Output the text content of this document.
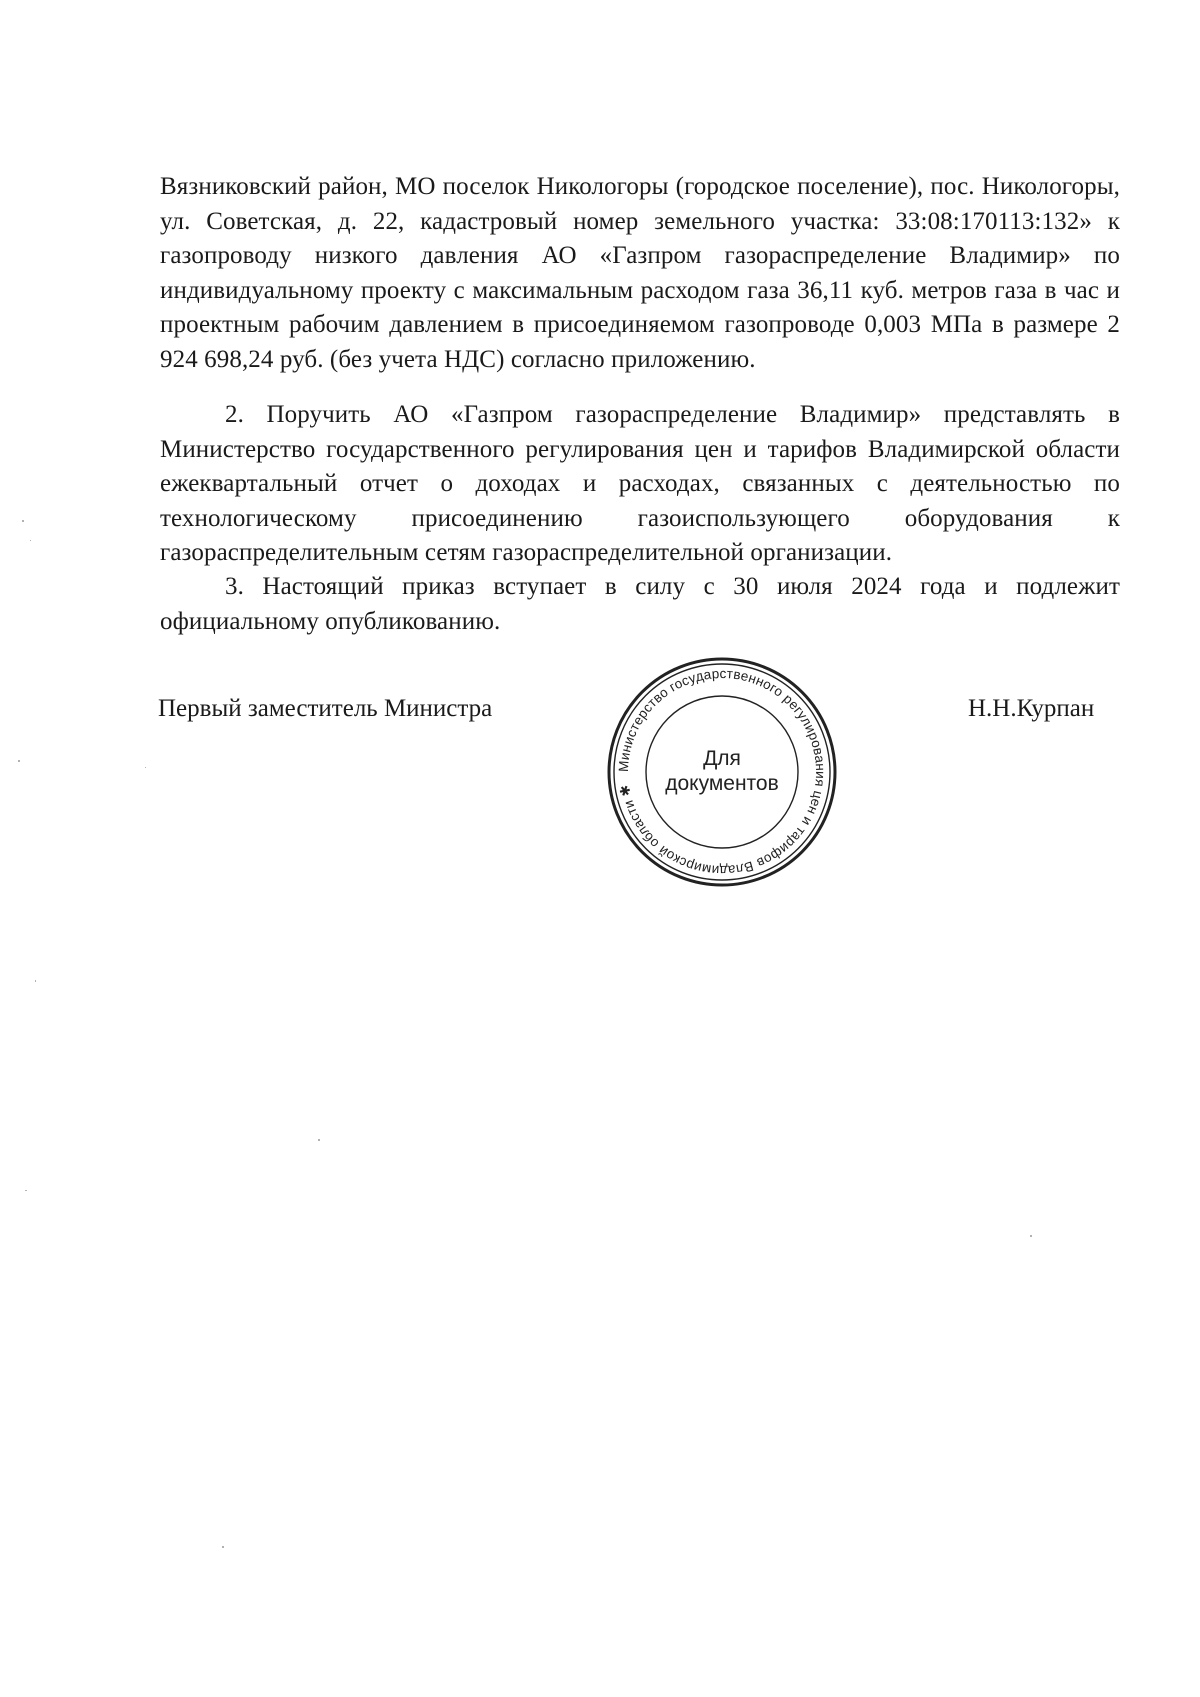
Вязниковский район, МО поселок Никологоры (городское поселение), пос. Никологоры, ул. Советская, д. 22, кадастровый номер земельного участка: 33:08:170113:132» к газопроводу низкого давления АО «Газпром газораспределение Владимир» по индивидуальному проекту с максимальным расходом газа 36,11 куб. метров газа в час и проектным рабочим давлением в присоединяемом газопроводе 0,003 МПа в размере 2 924 698,24 руб. (без учета НДС) согласно приложению.

2. Поручить АО «Газпром газораспределение Владимир» представлять в Министерство государственного регулирования цен и тарифов Владимирской области ежеквартальный отчет о доходах и расходах, связанных с деятельностью по технологическому присоединению газоиспользующего оборудования к газораспределительным сетям газораспределительной организации.

3. Настоящий приказ вступает в силу с 30 июля 2024 года и подлежит официальному опубликованию.

Первый заместитель Министра	Н.Н.Курпан
Министерство государственного регулирования цен и тарифов Владимирской области ✱
Для
документов
